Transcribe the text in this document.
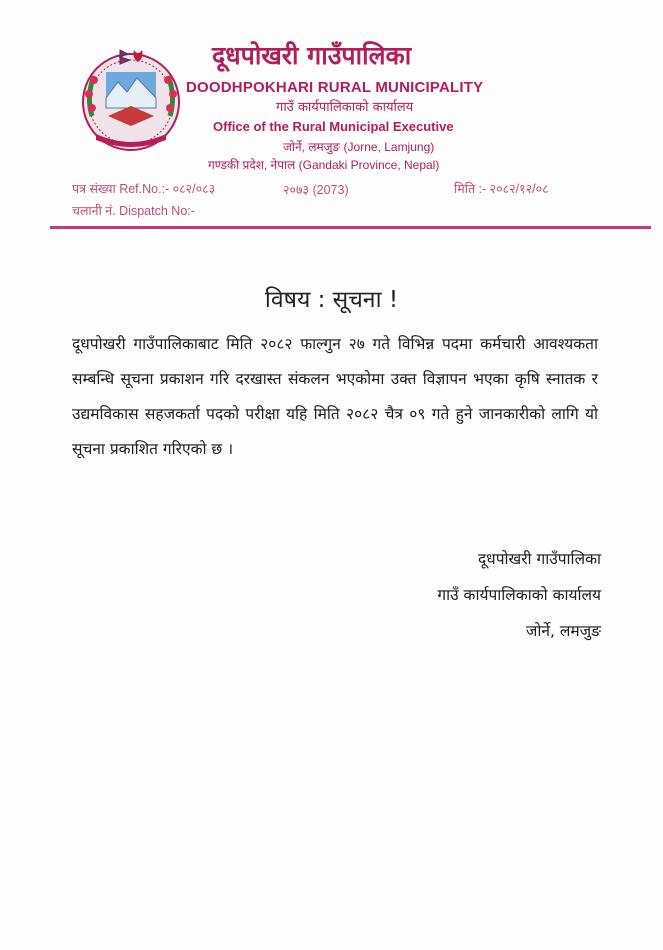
दूधपोखरी गाउँपालिका
DOODHPOKHARI RURAL MUNICIPALITY
गाउँ कार्यपालिकाको कार्यालय
Office of the Rural Municipal Executive
जोर्ने, लमजुङ (Jorne, Lamjung)
गण्डकी प्रदेश, नेपाल (Gandaki Province, Nepal)
पत्र संख्या Ref.No.:- ०८२/०८३	२०७३ (2073)	मिति :- २०८२/१२/०८
चलानी नं. Dispatch No:-
विषय : सूचना !
दूधपोखरी गाउँपालिकाबाट मिति २०८२ फाल्गुन २७ गते विभिन्न पदमा कर्मचारी आवश्यकता सम्बन्धि सूचना प्रकाशन गरि दरखास्त संकलन भएकोमा उक्त विज्ञापन भएका कृषि स्नातक र उद्यमविकास सहजकर्ता पदको परीक्षा यहि मिति २०८२ चैत्र ०९ गते हुने जानकारीको लागि यो सूचना प्रकाशित गरिएको छ ।
दूधपोखरी गाउँपालिका
गाउँ कार्यपालिकाको कार्यालय
जोर्ने, लमजुङ
